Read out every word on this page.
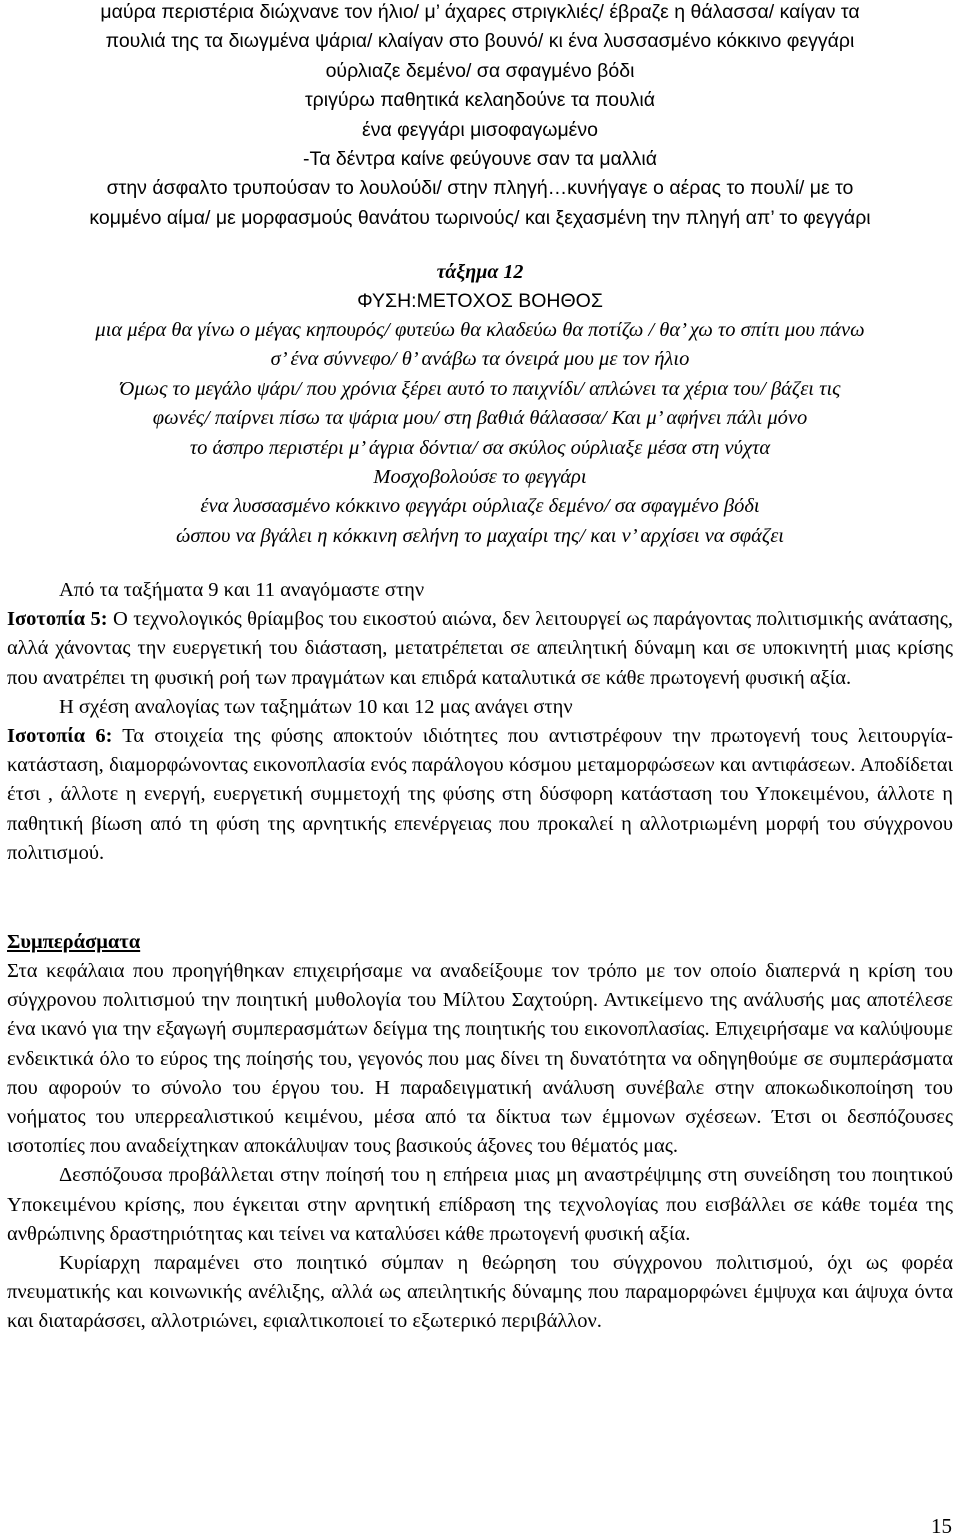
μαύρα περιστέρια διώχνανε τον ήλιο/ μ’ άχαρες στριγκλιές/ έβραζε η θάλασσα/ καίγαν τα
πουλιά της τα διωγμένα ψάρια/ κλαίγαν στο βουνό/ κι ένα λυσσασμένο κόκκινο φεγγάρι
ούρλιαζε δεμένο/ σα σφαγμένο βόδι
τριγύρω παθητικά κελαηδούνε τα πουλιά
ένα φεγγάρι μισοφαγωμένο
-Τα δέντρα καίνε φεύγουνε σαν τα μαλλιά
στην άσφαλτο τρυπούσαν το λουλούδι/ στην πληγή…κυνήγαγε ο αέρας το πουλί/ με το
κομμένο αίμα/ με μορφασμούς θανάτου τωρινούς/ και ξεχασμένη την πληγή απ’ το φεγγάρι
τάξημα 12
ΦΥΣΗ:ΜΕΤΟΧΟΣ ΒΟΗΘΟΣ
μια μέρα θα γίνω ο μέγας κηπουρός/ φυτεύω θα κλαδεύω θα ποτίζω / θα’ χω το σπίτι μου πάνω
σ’ ένα σύννεφο/ θ’ ανάβω τα όνειρά μου με τον ήλιο
Όμως το μεγάλο ψάρι/ που χρόνια ξέρει αυτό το παιχνίδι/ απλώνει τα χέρια του/ βάζει τις
φωνές/ παίρνει πίσω τα ψάρια μου/ στη βαθιά θάλασσα/ Και μ’ αφήνει πάλι μόνο
το άσπρο περιστέρι μ’ άγρια δόντια/ σα σκύλος ούρλιαξε μέσα στη νύχτα
Μοσχοβολούσε το φεγγάρι
ένα λυσσασμένο κόκκινο φεγγάρι ούρλιαζε δεμένο/ σα σφαγμένο βόδι
ώσπου να βγάλει η κόκκινη σελήνη το μαχαίρι της/ και ν’ αρχίσει να σφάζει

Από τα ταξήματα 9 και 11 αναγόμαστε στην

Ισοτοπία 5: Ο τεχνολογικός θρίαμβος του εικοστού αιώνα, δεν λειτουργεί ως παράγοντας πολιτισμικής ανάτασης, αλλά χάνοντας την ευεργετική του διάσταση, μετατρέπεται σε απειλητική δύναμη και σε υποκινητή μιας κρίσης που ανατρέπει τη φυσική ροή των πραγμάτων και επιδρά καταλυτικά σε κάθε πρωτογενή φυσική αξία.

Η σχέση αναλογίας των ταξημάτων 10 και 12 μας ανάγει στην

Ισοτοπία 6: Τα στοιχεία της φύσης αποκτούν ιδιότητες που αντιστρέφουν την πρωτογενή τους λειτουργία-κατάσταση, διαμορφώνοντας εικονοπλασία ενός παράλογου κόσμου μεταμορφώσεων και αντιφάσεων. Αποδίδεται έτσι , άλλοτε η ενεργή, ευεργετική συμμετοχή της φύσης στη δύσφορη κατάσταση του Υποκειμένου, άλλοτε η παθητική βίωση από τη φύση της αρνητικής επενέργειας που προκαλεί η αλλοτριωμένη μορφή του σύγχρονου πολιτισμού.

Συμπεράσματα

Στα κεφάλαια που προηγήθηκαν επιχειρήσαμε να αναδείξουμε τον τρόπο με τον οποίο διαπερνά η κρίση του σύγχρονου πολιτισμού την ποιητική μυθολογία του Μίλτου Σαχτούρη. Αντικείμενο της ανάλυσής μας αποτέλεσε ένα ικανό για την εξαγωγή συμπερασμάτων δείγμα της ποιητικής του εικονοπλασίας. Επιχειρήσαμε να καλύψουμε ενδεικτικά όλο το εύρος της ποίησής του, γεγονός που μας δίνει τη δυνατότητα να οδηγηθούμε σε συμπεράσματα που αφορούν το σύνολο του έργου του. Η παραδειγματική ανάλυση συνέβαλε στην αποκωδικοποίηση του νοήματος του υπερρεαλιστικού κειμένου, μέσα από τα δίκτυα των έμμονων σχέσεων. Έτσι οι δεσπόζουσες ισοτοπίες που αναδείχτηκαν αποκάλυψαν τους βασικούς άξονες του θέματός μας.

Δεσπόζουσα προβάλλεται στην ποίησή του η επήρεια μιας μη αναστρέψιμης στη συνείδηση του ποιητικού Υποκειμένου κρίσης, που έγκειται στην αρνητική επίδραση της τεχνολογίας που εισβάλλει σε κάθε τομέα της ανθρώπινης δραστηριότητας και τείνει να καταλύσει κάθε πρωτογενή φυσική αξία.

Κυρίαρχη παραμένει στο ποιητικό σύμπαν η θεώρηση του σύγχρονου πολιτισμού, όχι ως φορέα πνευματικής και κοινωνικής ανέλιξης, αλλά ως απειλητικής δύναμης που παραμορφώνει έμψυχα και άψυχα όντα και διαταράσσει, αλλοτριώνει, εφιαλτικοποιεί το εξωτερικό περιβάλλον.

15
